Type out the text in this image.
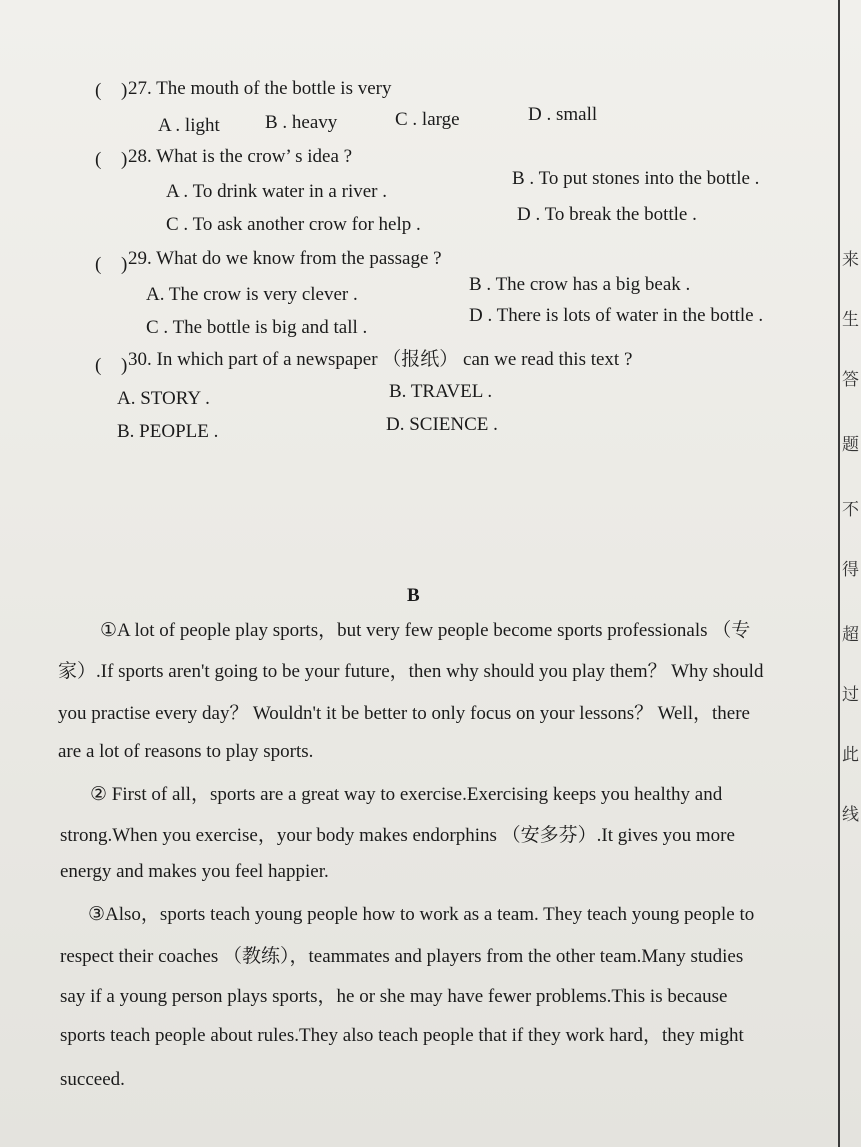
( ) 27. The mouth of the bottle is very
A . light B . heavy	C . large	D . small
( ) 28. What is the crow’ s idea ?
A . To drink water in a river .
B . To put stones into the bottle .
C . To ask another crow for help .	D . To break the bottle .
( ) 29. What do we know from the passage ?
A. The crow is very clever .	B . The crow has a big beak .
C . The bottle is big and tall .
D . There is lots of water in the bottle .
( ) 30. In which part of a newspaper （报纸） can we read this text ?
A. STORY .	B. TRAVEL .
B. PEOPLE .	D. SCIENCE .
B
①A lot of people play sports，but very few people become sports professionals （专
家）.If sports aren't going to be your future，then why should you play them？ Why should
you practise every day？ Wouldn't it be better to only focus on your lessons？ Well，there
are a lot of reasons to play sports.
② First of all，sports are a great way to exercise.Exercising keeps you healthy and
strong.When you exercise，your body makes endorphins （安多芬）.It gives you more
energy and makes you feel happier.
③Also，sports teach young people how to work as a team. They teach young people to
respect their coaches （教练），teammates and players from the other team.Many studies
say if a young person plays sports，he or she may have fewer problems.This is because
sports teach people about rules.They also teach people that if they work hard，they might
succeed.
来
生
答
题
不
得
超
过
此
线
